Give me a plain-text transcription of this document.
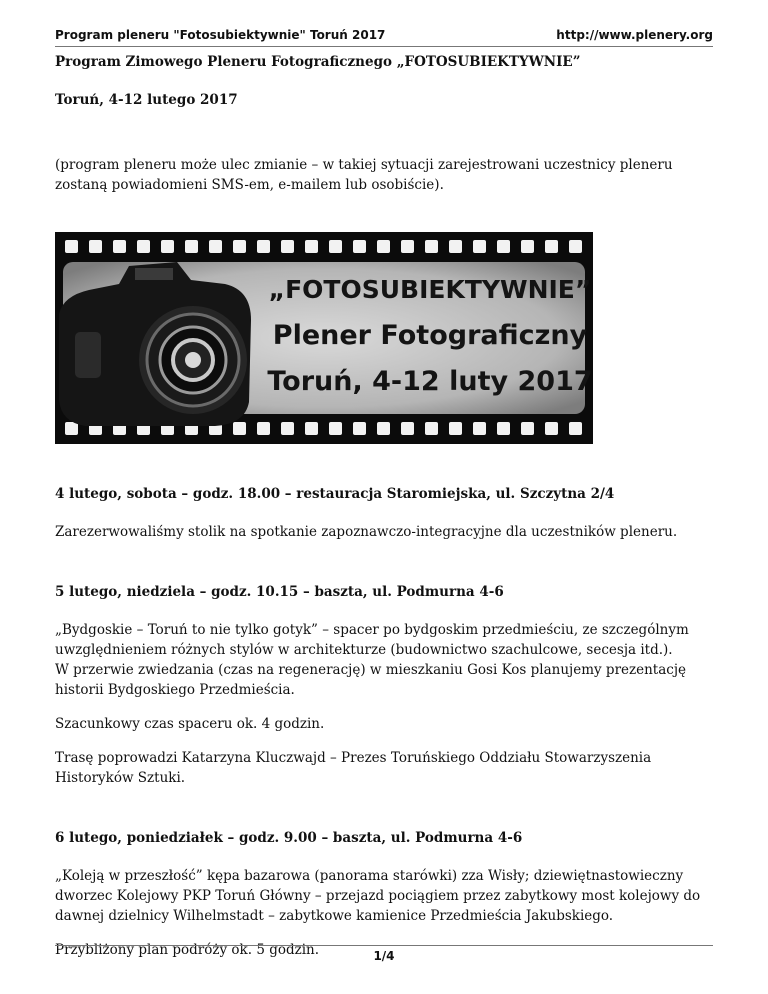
Program pleneru "Fotosubiektywnie" Toruń 2017	http://www.plenery.org

Program Zimowego Pleneru Fotograficznego „FOTOSUBIEKTYWNIE”

Toruń, 4-12 lutego 2017

(program pleneru może ulec zmianie – w takiej sytuacji zarejestrowani uczestnicy pleneru zostaną powiadomieni SMS-em, e-mailem lub osobiście).

„FOTOSUBIEKTYWNIE”
Plener Fotograficzny
Toruń, 4-12 luty 2017
4 lutego, sobota – godz. 18.00 – restauracja Staromiejska, ul. Szczytna 2/4

Zarezerwowaliśmy stolik na spotkanie zapoznawczo-integracyjne dla uczestników pleneru.

5 lutego, niedziela – godz. 10.15 – baszta, ul. Podmurna 4-6

„Bydgoskie – Toruń to nie tylko gotyk” – spacer po bydgoskim przedmieściu, ze szczególnym uwzględnieniem różnych stylów w architekturze (budownictwo szachulcowe, secesja itd.).

W przerwie zwiedzania (czas na regenerację) w mieszkaniu Gosi Kos planujemy prezentację historii Bydgoskiego Przedmieścia.

Szacunkowy czas spaceru ok. 4 godzin.

Trasę poprowadzi Katarzyna Kluczwajd – Prezes Toruńskiego Oddziału Stowarzyszenia Historyków Sztuki.

6 lutego, poniedziałek – godz. 9.00 – baszta, ul. Podmurna 4-6

„Koleją w przeszłość” kępa bazarowa (panorama starówki) zza Wisły; dziewiętnastowieczny dworzec Kolejowy PKP Toruń Główny – przejazd pociągiem przez zabytkowy most kolejowy do dawnej dzielnicy Wilhelmstadt – zabytkowe kamienice Przedmieścia Jakubskiego.

Przybliżony plan podróży ok. 5 godzin.	1/4
